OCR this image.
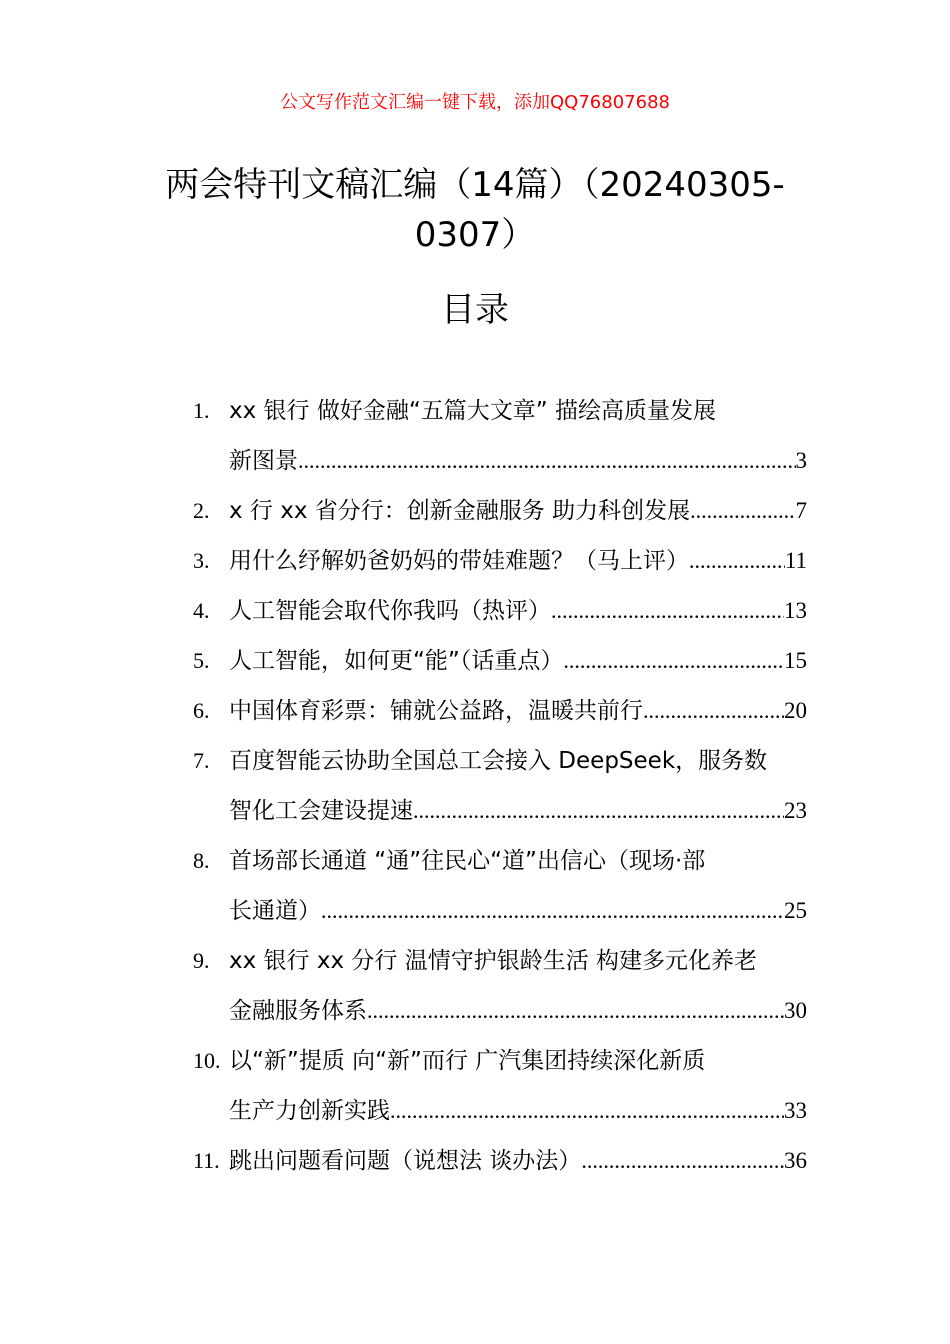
公文写作范文汇编一键下载，添加QQ76807688
两会特刊文稿汇编（14篇）（20240305-0307）
目录
1. xx 银行 做好金融“五篇大文章” 描绘高质量发展
新图景 .....	3
2. x 行 xx 省分行：创新金融服务 助力科创发展 .....	7
3. 用什么纾解奶爸奶妈的带娃难题？（马上评） .....	11
4. 人工智能会取代你我吗（热评） .....	13
5. 人工智能，如何更“能”（话重点） .....	15
6. 中国体育彩票：铺就公益路，温暖共前行 .....	20
7. 百度智能云协助全国总工会接入 DeepSeek，服务数
智化工会建设提速 .....	23
8. 首场部长通道 “通”往民心“道”出信心（现场·部
长通道） .....	25
9. xx 银行 xx 分行 温情守护银龄生活 构建多元化养老
金融服务体系 .....	30
10. 以“新”提质 向“新”而行 广汽集团持续深化新质
生产力创新实践 .....	33
11. 跳出问题看问题（说想法 谈办法） .....	36
